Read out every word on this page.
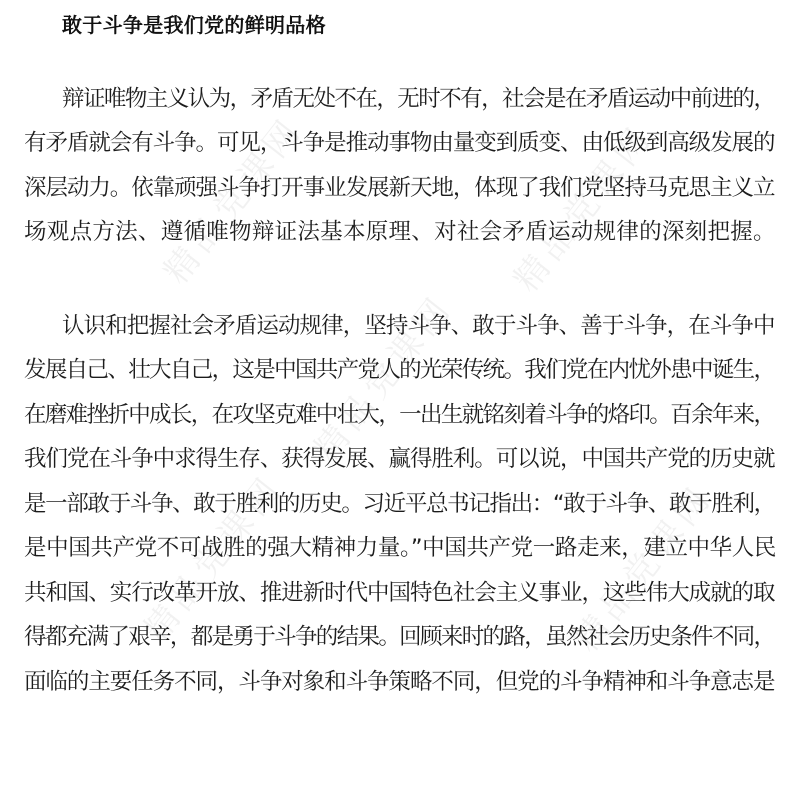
敢于斗争是我们党的鲜明品格
辩证唯物主义认为，矛盾无处不在，无时不有，社会是在矛盾运动中前进的，
有矛盾就会有斗争。可见，斗争是推动事物由量变到质变、由低级到高级发展的
深层动力。依靠顽强斗争打开事业发展新天地，体现了我们党坚持马克思主义立
场观点方法、遵循唯物辩证法基本原理、对社会矛盾运动规律的深刻把握。
认识和把握社会矛盾运动规律，坚持斗争、敢于斗争、善于斗争，在斗争中
发展自己、壮大自己，这是中国共产党人的光荣传统。我们党在内忧外患中诞生，
在磨难挫折中成长，在攻坚克难中壮大，一出生就铭刻着斗争的烙印。百余年来，
我们党在斗争中求得生存、获得发展、赢得胜利。可以说，中国共产党的历史就
是一部敢于斗争、敢于胜利的历史。习近平总书记指出：“敢于斗争、敢于胜利，
是中国共产党不可战胜的强大精神力量。”中国共产党一路走来，建立中华人民
共和国、实行改革开放、推进新时代中国特色社会主义事业，这些伟大成就的取
得都充满了艰辛，都是勇于斗争的结果。回顾来时的路，虽然社会历史条件不同，
面临的主要任务不同，斗争对象和斗争策略不同，但党的斗争精神和斗争意志是
精品党课网	精品党课网
精品党课网
精品党课网	精品党课网
